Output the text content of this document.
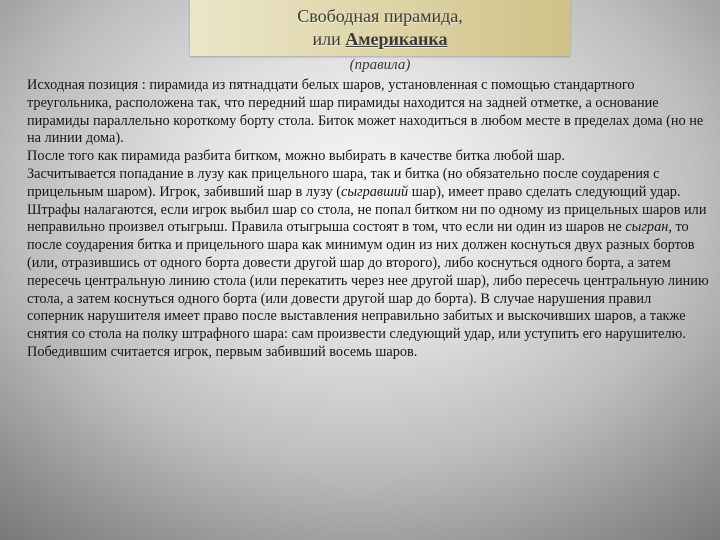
Свободная пирамида,
или Американка
(правила)

Исходная позиция : пирамида из пятнадцати белых шаров, установленная с помощью стандартного треугольника, расположена так, что передний шар пирамиды находится на задней отметке, а основание пирамиды параллельно короткому борту стола. Биток может находиться в любом месте в пределах дома (но не на линии дома).

После того как пирамида разбита битком, можно выбирать в качестве битка любой шар.

Засчитывается попадание в лузу как прицельного шара, так и битка (но обязательно после соударения с прицельным шаром). Игрок, забивший шар в лузу (сыгравший шар), имеет право сделать следующий удар.

Штрафы налагаются, если игрок выбил шар со стола, не попал битком ни по одному из прицельных шаров или неправильно произвел отыгрыш. Правила отыгрыша состоят в том, что если ни один из шаров не сыгран, то после соударения битка и прицельного шара как минимум один из них должен коснуться двух разных бортов (или, отразившись от одного борта довести другой шар до второго), либо коснуться одного борта, а затем пересечь центральную линию стола (или перекатить через нее другой шар), либо пересечь центральную линию стола, а затем коснуться одного борта (или довести другой шар до борта). В случае нарушения правил соперник нарушителя имеет право после выставления неправильно забитых и выскочивших шаров, а также снятия со стола на полку штрафного шара: сам произвести следующий удар, или уступить его нарушителю. Победившим считается игрок, первым забивший восемь шаров.
